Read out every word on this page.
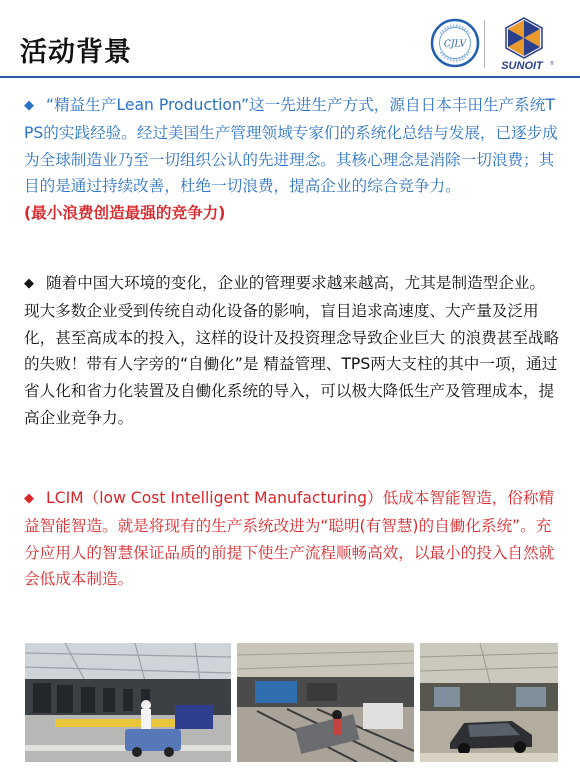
活动背景	CJLV
SUNOIT ®

◆ “精益生产Lean Production”这一先进生产方式，源自日本丰田生产系统TPS的实践经验。经过美国生产管理领域专家们的系统化总结与发展，已逐步成为全球制造业乃至一切组织公认的先进理念。其核心理念是消除一切浪费；其目的是通过持续改善，杜绝一切浪费，提高企业的综合竞争力。
(最小浪费创造最强的竞争力)

◆ 随着中国大环境的变化，企业的管理要求越来越高，尤其是制造型企业。现大多数企业受到传统自动化设备的影响，盲目追求高速度、大产量及泛用化，甚至高成本的投入，这样的设计及投资理念导致企业巨大 的浪费甚至战略的失败！带有人字旁的“自働化”是 精益管理、TPS两大支柱的其中一项，通过省人化和省力化装置及自働化系统的导入，可以极大降低生产及管理成本，提高企业竞争力。

◆ LCIM（low Cost Intelligent Manufacturing）低成本智能智造，俗称精益智能智造。就是将现有的生产系统改进为“聪明(有智慧)的自働化系统”。充分应用人的智慧保证品质的前提下使生产流程顺畅高效，以最小的投入自然就会低成本制造。
